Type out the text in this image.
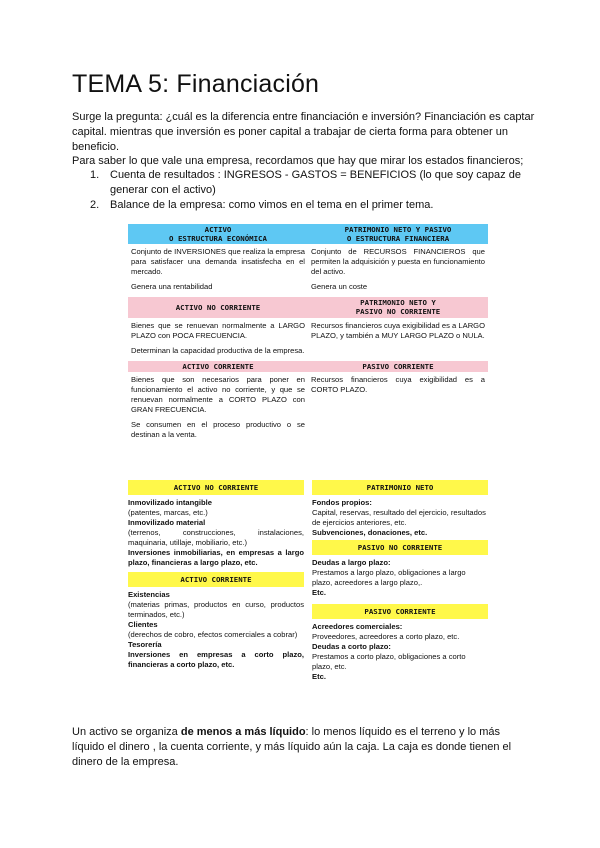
TEMA 5: Financiación
Surge la pregunta: ¿cuál es la diferencia entre financiación e inversión? Financiación es captar capital. mientras que inversión es poner capital a trabajar de cierta forma para obtener un beneficio.
Para saber lo que vale una empresa, recordamos que hay que mirar los estados financieros;
1. Cuenta de resultados : INGRESOS - GASTOS = BENEFICIOS (lo que soy capaz de generar con el activo)
2. Balance de la empresa: como vimos en el tema en el primer tema.
ACTIVO
O ESTRUCTURA ECONÓMICA
PATRIMONIO NETO Y PASIVO
O ESTRUCTURA FINANCIERA
Conjunto de INVERSIONES que realiza la empresa para satisfacer una demanda insatisfecha en el mercado.
Conjunto de RECURSOS FINANCIEROS que permiten la adquisición y puesta en funcionamiento del activo.
Genera una rentabilidad	Genera un coste
ACTIVO NO CORRIENTE
PATRIMONIO NETO Y
PASIVO NO CORRIENTE
Bienes que se renuevan normalmente a LARGO PLAZO con POCA FRECUENCIA.
Determinan la capacidad productiva de la empresa.
Recursos financieros cuya exigibilidad es a LARGO PLAZO, y también a MUY LARGO PLAZO o NULA.
ACTIVO CORRIENTE	PASIVO CORRIENTE
Bienes que son necesarios para poner en funcionamiento el activo no corriente, y que se renuevan normalmente a CORTO PLAZO con GRAN FRECUENCIA.
Se consumen en el proceso productivo o se destinan a la venta.
Recursos financieros cuya exigibilidad es a CORTO PLAZO.
ACTIVO NO CORRIENTE
Inmovilizado intangible
(patentes, marcas, etc.)
Inmovilizado material
(terrenos, construcciones, instalaciones, maquinaria, utillaje, mobiliario, etc.)
Inversiones inmobiliarias, en empresas a largo plazo, financieras a largo plazo, etc.
ACTIVO CORRIENTE
Existencias
(materias primas, productos en curso, productos terminados, etc.)
Clientes
(derechos de cobro, efectos comerciales a cobrar)
Tesorería
Inversiones en empresas a corto plazo, financieras a corto plazo, etc.
PATRIMONIO NETO
Fondos propios:
Capital, reservas, resultado del ejercicio, resultados de ejercicios anteriores, etc.
Subvenciones, donaciones, etc.
PASIVO NO CORRIENTE
Deudas a largo plazo:
Prestamos a largo plazo, obligaciones a largo plazo, acreedores a largo plazo,.
Etc.
PASIVO CORRIENTE
Acreedores comerciales:
Proveedores, acreedores a corto plazo, etc.
Deudas a corto plazo:
Prestamos a corto plazo, obligaciones a corto plazo, etc.
Etc.
Un activo se organiza de menos a más líquido: lo menos líquido es el terreno y lo más líquido el dinero , la cuenta corriente, y más líquido aún la caja. La caja es donde tienen el dinero de la empresa.
